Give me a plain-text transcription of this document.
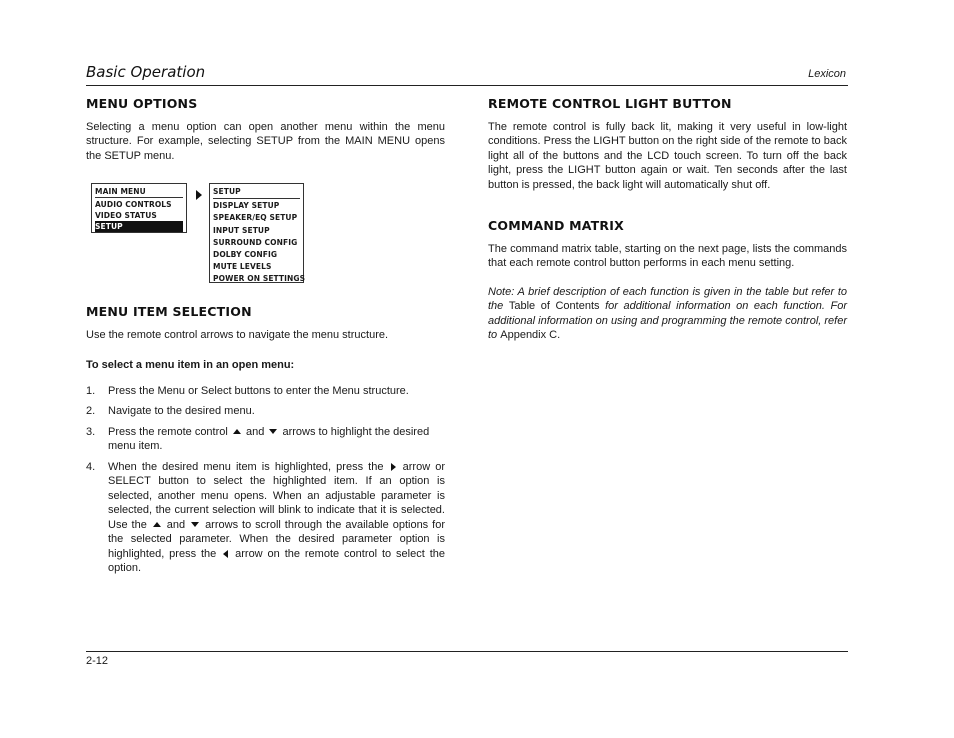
Basic Operation	Lexicon
MENU OPTIONS

Selecting a menu option can open another menu within the menu structure. For example, selecting SETUP from the MAIN MENU opens the SETUP menu.

MAIN MENU
AUDIO CONTROLS
VIDEO STATUS
SETUP
SETUP
DISPLAY SETUP
SPEAKER/EQ SETUP
INPUT SETUP
SURROUND CONFIG
DOLBY CONFIG
MUTE LEVELS
POWER ON SETTINGS
MENU ITEM SELECTION

Use the remote control arrows to navigate the menu structure.

To select a menu item in an open menu:

1. Press the Menu or Select buttons to enter the Menu structure.
2. Navigate to the desired menu.
3. Press the remote control and arrows to highlight the desired menu item.
4. When the desired menu item is highlighted, press the arrow or SELECT button to select the highlighted item. If an option is selected, another menu opens. When an adjustable parameter is selected, the current selection will blink to indicate that it is selected. Use the and arrows to scroll through the available options for the selected parameter. When the desired parameter option is highlighted, press the arrow on the remote control to select the option.
REMOTE CONTROL LIGHT BUTTON

The remote control is fully back lit, making it very useful in low-light conditions. Press the LIGHT button on the right side of the remote to back light all of the buttons and the LCD touch screen. To turn off the back light, press the LIGHT button again or wait. Ten seconds after the last button is pressed, the back light will automatically shut off.

COMMAND MATRIX

The command matrix table, starting on the next page, lists the commands that each remote control button performs in each menu setting.

Note: A brief description of each function is given in the table but refer to the Table of Contents for additional information on each function. For additional information on using and programming the remote control, refer to Appendix C.

2-12
